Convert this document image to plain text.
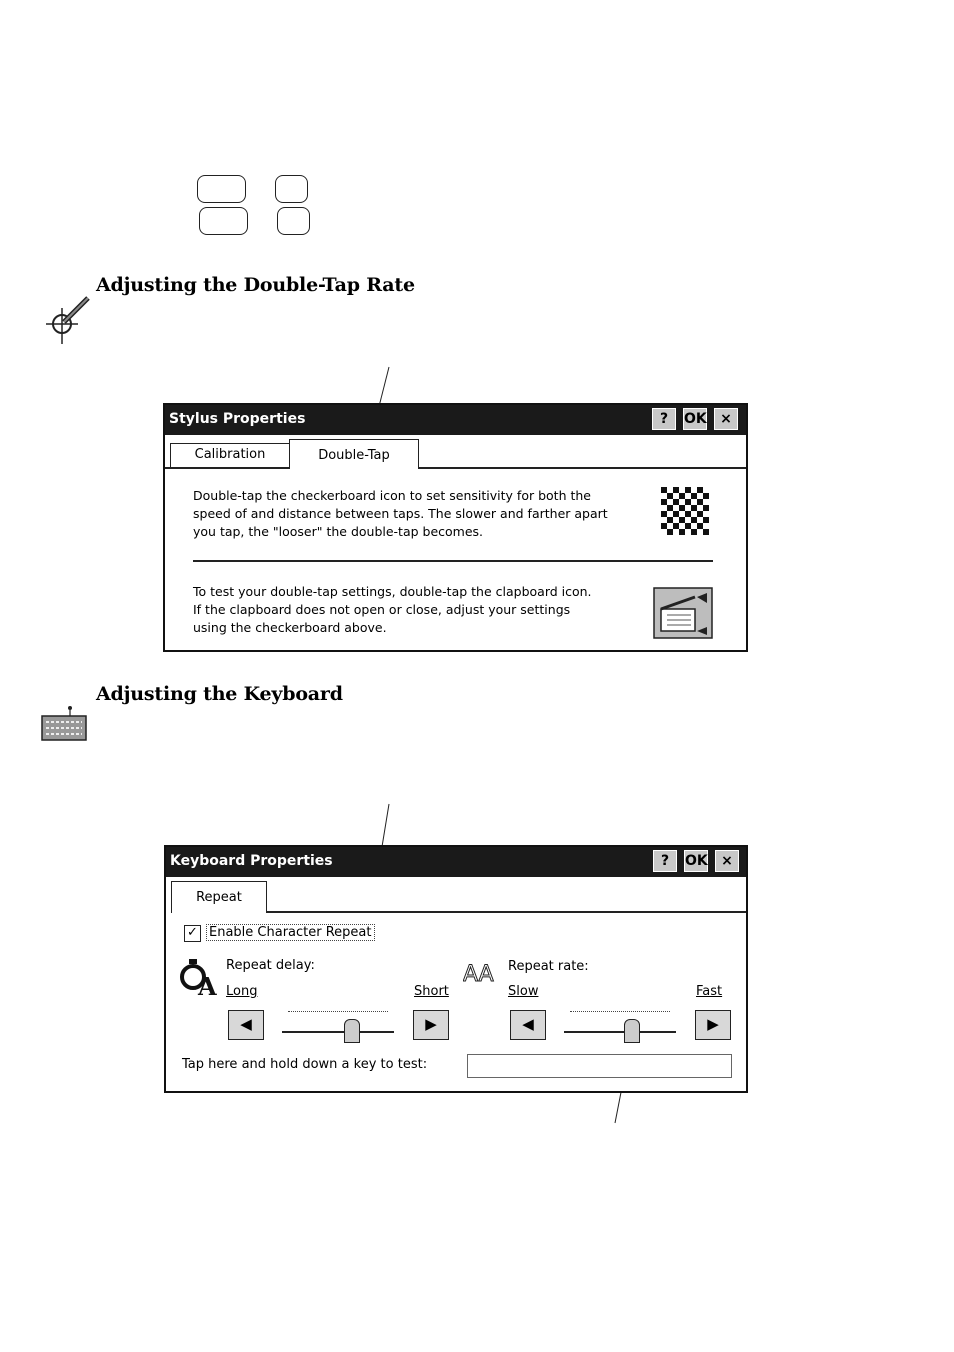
Adjusting the Double-Tap Rate
Stylus Properties	?	OK ×
Calibration	Double-Tap
Double-tap the checkerboard icon to set sensitivity for both the
speed of and distance between taps. The slower and farther apart
you tap, the "looser" the double-tap becomes.
To test your double-tap settings, double-tap the clapboard icon.
If the clapboard does not open or close, adjust your settings
using the checkerboard above.
Adjusting the Keyboard
Keyboard Properties	?	OK ×
Repeat
✓ Enable Character Repeat
A
Repeat delay:
Long	Short
◀	▶
AA Repeat rate:
Slow	Fast
◀	▶
Tap here and hold down a key to test:
